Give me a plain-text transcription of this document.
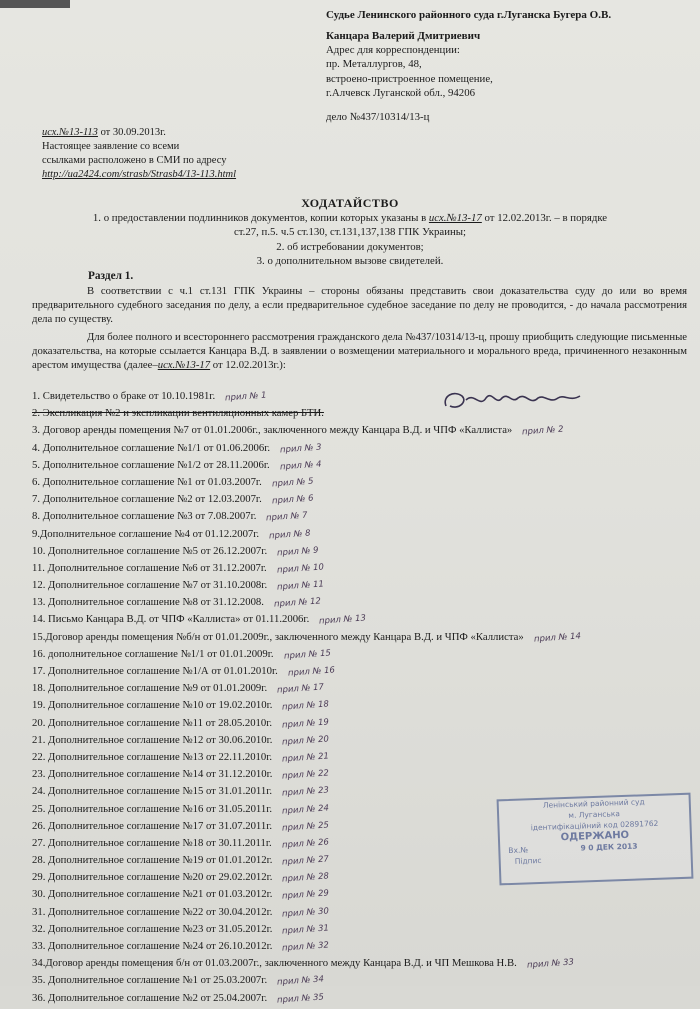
Судье Ленинского районного суда г.Луганска Бугера О.В.
Канцара Валерий Дмитриевич
Адрес для корреспонденции:
пр. Металлургов, 48,
встроено-пристроенное помещение,
г.Алчевск Луганской обл., 94206
дело №437/10314/13-ц
исх.№13-113 от 30.09.2013г.
Настоящее заявление со всеми
ссылками расположено в СМИ по адресу
http://ua2424.com/strasb/Strasb4/13-113.html
ХОДАТАЙСТВО
1. о предоставлении подлинников документов, копии которых указаны в исх.№13-17 от 12.02.2013г. – в порядке
ст.27, п.5. ч.5 ст.130, ст.131,137,138 ГПК Украины;
2. об истребовании документов;
3. о дополнительном вызове свидетелей.
Раздел 1.
В соответствии с ч.1 ст.131 ГПК Украины – стороны обязаны представить свои доказательства суду до или во время предварительного судебного заседания по делу, а если предварительное судебное заседание по делу не проводится, - до начала рассмотрения дела по существу.
Для более полного и всестороннего рассмотрения гражданского дела №437/10314/13-ц, прошу приобщить следующие письменные доказательства, на которые ссылается Канцара В.Д. в заявлении о возмещении материального и морального вреда, причиненного незаконным арестом имущества (далее–исх.№13-17 от 12.02.2013г.):
1. Свидетельство о браке от 10.10.1981г. прил № 1
2. Экспликация №2 и экспликации вентиляционных камер БТИ.
3. Договор аренды помещения №7 от 01.01.2006г., заключенного между Канцара В.Д. и ЧПФ «Каллиста» прил № 2
4. Дополнительное соглашение №1/1 от 01.06.2006г. прил № 3
5. Дополнительное соглашение №1/2 от 28.11.2006г. прил № 4
6. Дополнительное соглашение №1 от 01.03.2007г. прил № 5
7. Дополнительное соглашение №2 от 12.03.2007г. прил № 6
8. Дополнительное соглашение №3 от 7.08.2007г. прил № 7
9.Дополнительное соглашение №4 от 01.12.2007г. прил № 8
10. Дополнительное соглашение №5 от 26.12.2007г. прил № 9
11. Дополнительное соглашение №6 от 31.12.2007г. прил № 10
12. Дополнительное соглашение №7 от 31.10.2008г. прил № 11
13. Дополнительное соглашение №8 от 31.12.2008. прил № 12
14. Письмо Канцара В.Д. от ЧПФ «Каллиста» от 01.11.2006г. прил № 13
15.Договор аренды помещения №б/н от 01.01.2009г., заключенного между Канцара В.Д. и ЧПФ «Каллиста» прил № 14
16. дополнительное соглашение №1/1 от 01.01.2009г. прил № 15
17. Дополнительное соглашение №1/А от 01.01.2010г. прил № 16
18. Дополнительное соглашение №9 от 01.01.2009г. прил № 17
19. Дополнительное соглашение №10 от 19.02.2010г. прил № 18
20. Дополнительное соглашение №11 от 28.05.2010г. прил № 19
21. Дополнительное соглашение №12 от 30.06.2010г. прил № 20
22. Дополнительное соглашение №13 от 22.11.2010г. прил № 21
23. Дополнительное соглашение №14 от 31.12.2010г. прил № 22
24. Дополнительное соглашение №15 от 31.01.2011г. прил № 23
25. Дополнительное соглашение №16 от 31.05.2011г. прил № 24
26. Дополнительное соглашение №17 от 31.07.2011г. прил № 25
27. Дополнительное соглашение №18 от 30.11.2011г. прил № 26
28. Дополнительное соглашение №19 от 01.01.2012г. прил № 27
29. Дополнительное соглашение №20 от 29.02.2012г. прил № 28
30. Дополнительное соглашение №21 от 01.03.2012г. прил № 29
31. Дополнительное соглашение №22 от 30.04.2012г. прил № 30
32. Дополнительное соглашение №23 от 31.05.2012г. прил № 31
33. Дополнительное соглашение №24 от 26.10.2012г. прил № 32
34.Договор аренды помещения б/н от 01.03.2007г., заключенного между Канцара В.Д. и ЧП Мешкова Н.В. прил № 33
35. Дополнительное соглашение №1 от 25.03.2007г. прил № 34
36. Дополнительное соглашение №2 от 25.04.2007г. прил № 35
Ленінський районний суд
м. Луганська
ідентифікаційний код 02891762
ОДЕРЖАНО
Вх.№	9 0 ДЕК 2013
Підпис
